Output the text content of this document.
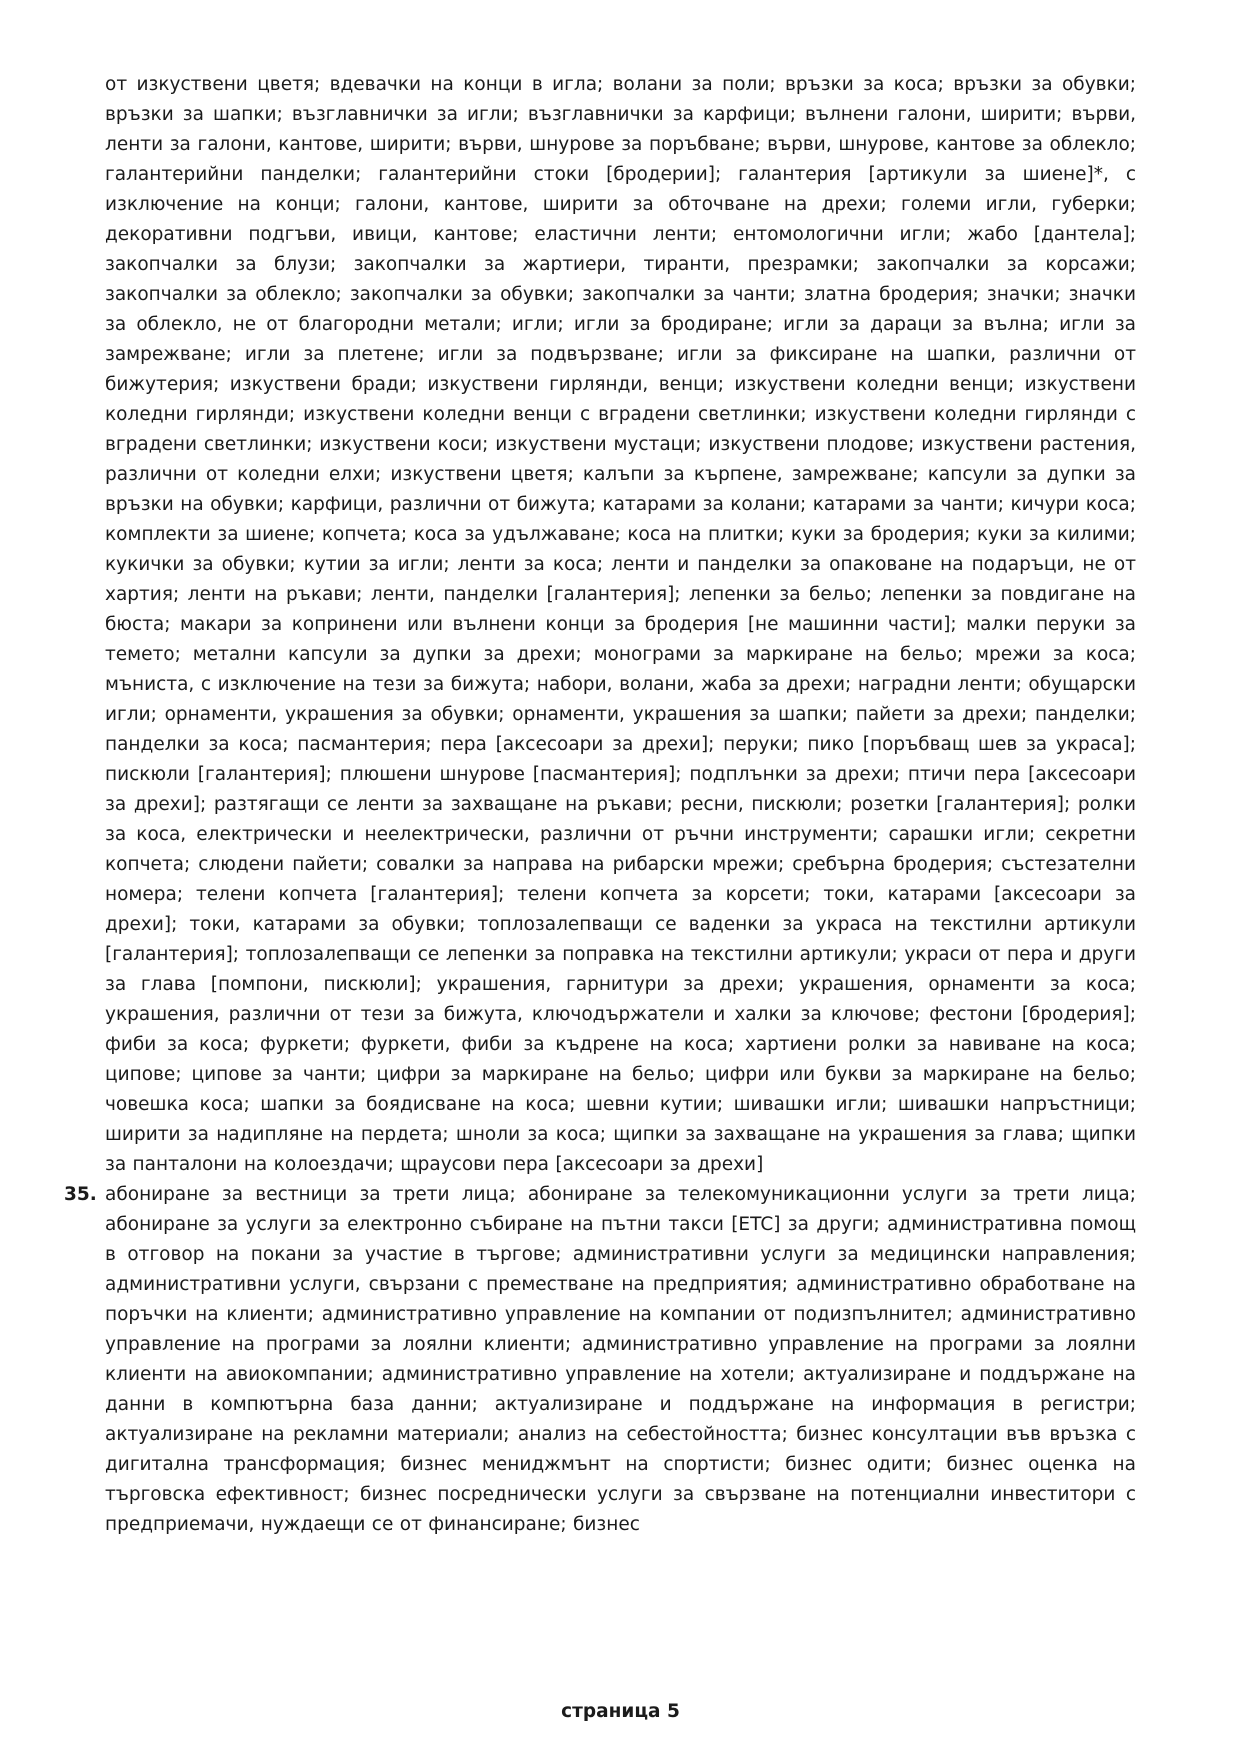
от изкуствени цветя; вдевачки на конци в игла; волани за поли; връзки за коса; връзки за обувки; връзки за шапки; възглавнички за игли; възглавнички за карфици; вълнени галони, ширити; върви, ленти за галони, кантове, ширити; върви, шнурове за поръбване; върви, шнурове, кантове за облекло; галантерийни панделки; галантерийни стоки [бродерии]; галантерия [артикули за шиене]*, с изключение на конци; галони, кантове, ширити за обточване на дрехи; големи игли, губерки; декоративни подгъви, ивици, кантове; еластични ленти; ентомологични игли; жабо [дантела]; закопчалки за блузи; закопчалки за жартиери, тиранти, презрамки; закопчалки за корсажи; закопчалки за облекло; закопчалки за обувки; закопчалки за чанти; златна бродерия; значки; значки за облекло, не от благородни метали; игли; игли за бродиране; игли за дараци за вълна; игли за замрежване; игли за плетене; игли за подвързване; игли за фиксиране на шапки, различни от бижутерия; изкуствени бради; изкуствени гирлянди, венци; изкуствени коледни венци; изкуствени коледни гирлянди; изкуствени коледни венци с вградени светлинки; изкуствени коледни гирлянди с вградени светлинки; изкуствени коси; изкуствени мустаци; изкуствени плодове; изкуствени растения, различни от коледни елхи; изкуствени цветя; калъпи за кърпене, замрежване; капсули за дупки за връзки на обувки; карфици, различни от бижута; катарами за колани; катарами за чанти; кичури коса; комплекти за шиене; копчета; коса за удължаване; коса на плитки; куки за бродерия; куки за килими; кукички за обувки; кутии за игли; ленти за коса; ленти и панделки за опаковане на подаръци, не от хартия; ленти на ръкави; ленти, панделки [галантерия]; лепенки за бельо; лепенки за повдигане на бюста; макари за копринени или вълнени конци за бродерия [не машинни части]; малки перуки за темето; метални капсули за дупки за дрехи; монограми за маркиране на бельо; мрежи за коса; мъниста, с изключение на тези за бижута; набори, волани, жаба за дрехи; наградни ленти; обущарски игли; орнаменти, украшения за обувки; орнаменти, украшения за шапки; пайети за дрехи; панделки; панделки за коса; пасмантерия; пера [аксесоари за дрехи]; перуки; пико [поръбващ шев за украса]; пискюли [галантерия]; плюшени шнурове [пасмантерия]; подплънки за дрехи; птичи пера [аксесоари за дрехи]; разтягащи се ленти за захващане на ръкави; ресни, пискюли; розетки [галантерия]; ролки за коса, електрически и неелектрически, различни от ръчни инструменти; сарашки игли; секретни копчета; слюдени пайети; совалки за направа на рибарски мрежи; сребърна бродерия; състезателни номера; телени копчета [галантерия]; телени копчета за корсети; токи, катарами [аксесоари за дрехи]; токи, катарами за обувки; топлозалепващи се ваденки за украса на текстилни артикули [галантерия]; топлозалепващи се лепенки за поправка на текстилни артикули; украси от пера и други за глава [помпони, пискюли]; украшения, гарнитури за дрехи; украшения, орнаменти за коса; украшения, различни от тези за бижута, ключодържатели и халки за ключове; фестони [бродерия]; фиби за коса; фуркети; фуркети, фиби за къдрене на коса; хартиени ролки за навиване на коса; ципове; ципове за чанти; цифри за маркиране на бельо; цифри или букви за маркиране на бельо; човешка коса; шапки за боядисване на коса; шевни кутии; шивашки игли; шивашки напръстници; ширити за надипляне на пердета; шноли за коса; щипки за захващане на украшения за глава; щипки за панталони на колоездачи; щраусови пера [аксесоари за дрехи]

35. абониране за вестници за трети лица; абониране за телекомуникационни услуги за трети лица; абониране за услуги за електронно събиране на пътни такси [ETC] за други; административна помощ в отговор на покани за участие в търгове; административни услуги за медицински направления; административни услуги, свързани с преместване на предприятия; административно обработване на поръчки на клиенти; административно управление на компании от подизпълнител; административно управление на програми за лоялни клиенти; административно управление на програми за лоялни клиенти на авиокомпании; административно управление на хотели; актуализиране и поддържане на данни в компютърна база данни; актуализиране и поддържане на информация в регистри; актуализиране на рекламни материали; анализ на себестойността; бизнес консултации във връзка с дигитална трансформация; бизнес мениджмънт на спортисти; бизнес одити; бизнес оценка на търговска ефективност; бизнес посреднически услуги за свързване на потенциални инвеститори с предприемачи, нуждаещи се от финансиране; бизнес

страница 5
